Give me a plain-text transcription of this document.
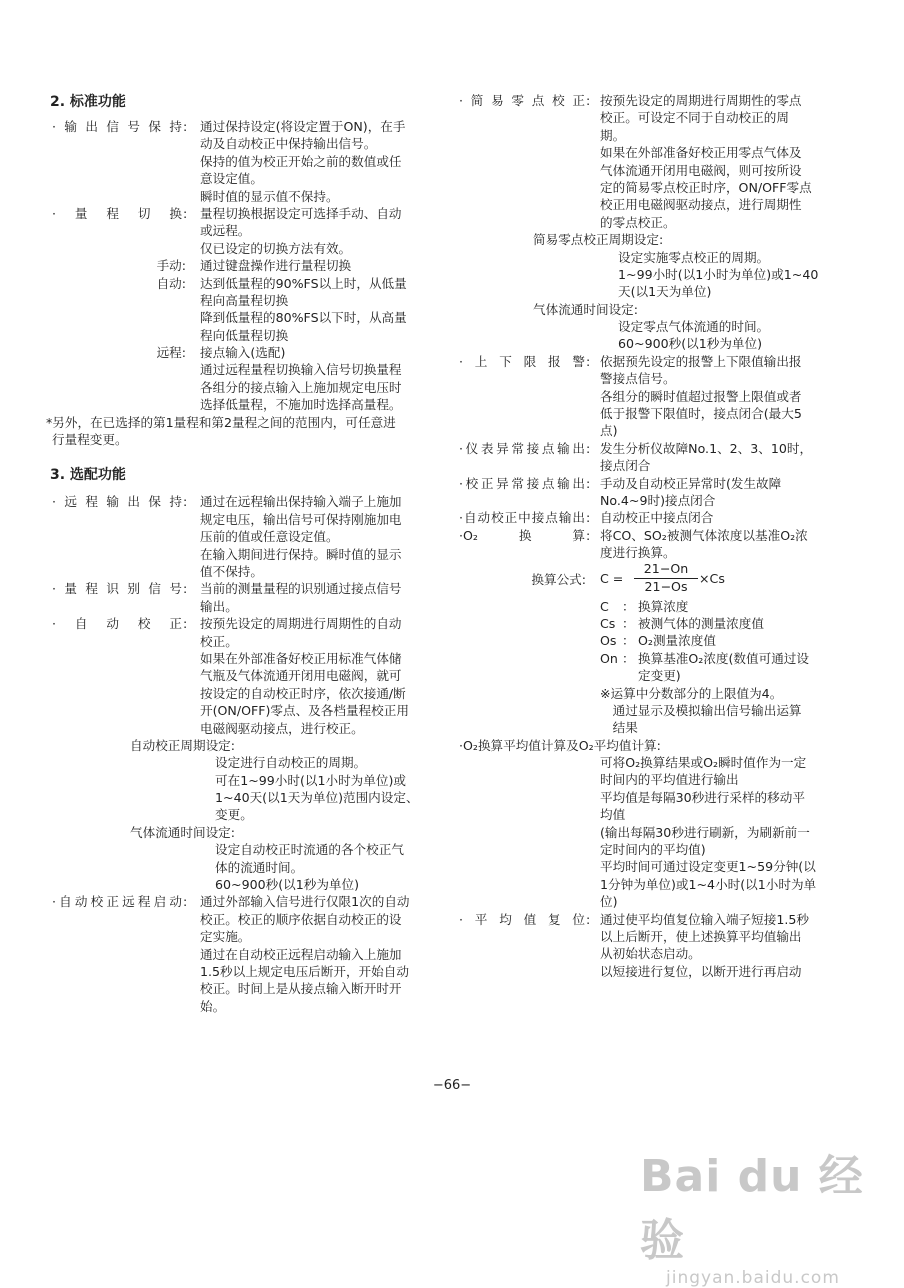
2. 标准功能
·输出信号保持 : 通过保持设定(将设定置于ON)，在手
动及自动校正中保持输出信号。
保持的值为校正开始之前的数值或任
意设定值。
瞬时值的显示值不保持。
·量程切换 : 量程切换根据设定可选择手动、自动
或远程。
仅已设定的切换方法有效。
手动: 通过键盘操作进行量程切换
自动: 达到低量程的90%FS以上时，从低量
程向高量程切换
降到低量程的80%FS以下时，从高量
程向低量程切换
远程: 接点输入(选配)
通过远程量程切换输入信号切换量程
各组分的接点输入上施加规定电压时
选择低量程，不施加时选择高量程。
*另外，在已选择的第1量程和第2量程之间的范围内，可任意进
行量程变更。
3. 选配功能
·远程输出保持 : 通过在远程输出保持输入端子上施加
规定电压，输出信号可保持刚施加电
压前的值或任意设定值。
在输入期间进行保持。瞬时值的显示
值不保持。
·量程识别信号 : 当前的测量量程的识别通过接点信号
输出。
·自动校正 : 按预先设定的周期进行周期性的自动
校正。
如果在外部准备好校正用标准气体储
气瓶及气体流通开闭用电磁阀，就可
按设定的自动校正时序，依次接通/断
开(ON/OFF)零点、及各档量程校正用
电磁阀驱动接点，进行校正。
自动校正周期设定:
设定进行自动校正的周期。
可在1~99小时(以1小时为单位)或
1~40天(以1天为单位)范围内设定、
变更。
气体流通时间设定:
设定自动校正时流通的各个校正气
体的流通时间。
60~900秒(以1秒为单位)
·自动校正远程启动 : 通过外部输入信号进行仅限1次的自动
校正。校正的顺序依据自动校正的设
定实施。
通过在自动校正远程启动输入上施加
1.5秒以上规定电压后断开，开始自动
校正。时间上是从接点输入断开时开
始。
·简易零点校正 : 按预先设定的周期进行周期性的零点
校正。可设定不同于自动校正的周
期。
如果在外部准备好校正用零点气体及
气体流通开闭用电磁阀，则可按所设
定的简易零点校正时序，ON/OFF零点
校正用电磁阀驱动接点，进行周期性
的零点校正。
简易零点校正周期设定:
设定实施零点校正的周期。
1~99小时(以1小时为单位)或1~40
天(以1天为单位)
气体流通时间设定:
设定零点气体流通的时间。
60~900秒(以1秒为单位)
·上下限报警 : 依据预先设定的报警上下限值输出报
警接点信号。
各组分的瞬时值超过报警上限值或者
低于报警下限值时，接点闭合(最大5
点)
·仪表异常接点输出 : 发生分析仪故障No.1、2、3、10时，
接点闭合
·校正异常接点输出 : 手动及自动校正异常时(发生故障
No.4~9时)接点闭合
·自动校正中接点输出 : 自动校正中接点闭合
·O₂换算 : 将CO、SO₂被测气体浓度以基准O₂浓
度进行换算。
换算公式: C =
21−On
21−Os
×Cs
C	： 换算浓度
Cs ： 被测气体的测量浓度值
Os ： O₂测量浓度值
On ： 换算基准O₂浓度(数值可通过设
定变更)
※运算中分数部分的上限值为4。
通过显示及模拟输出信号输出运算
结果
·O₂换算平均值计算及O₂平均值计算:
可将O₂换算结果或O₂瞬时值作为一定
时间内的平均值进行输出
平均值是每隔30秒进行采样的移动平
均值
(输出每隔30秒进行刷新，为刷新前一
定时间内的平均值)
平均时间可通过设定变更1~59分钟(以
1分钟为单位)或1~4小时(以1小时为单
位)
·平均值复位 : 通过使平均值复位输入端子短接1.5秒
以上后断开，使上述换算平均值输出
从初始状态启动。
以短接进行复位，以断开进行再启动
−66−
Bai du 经验
jingyan.baidu.com
